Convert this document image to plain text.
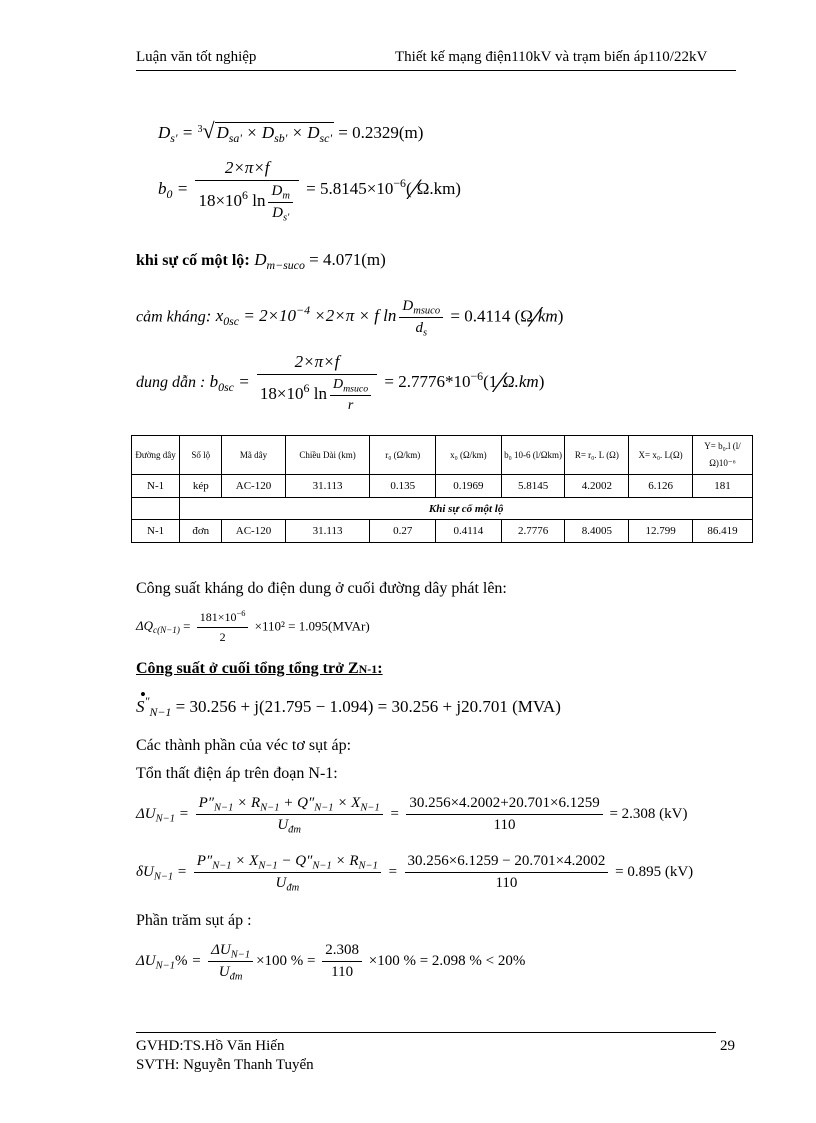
Luận văn tốt nghiệp	Thiết kế mạng điện110kV và trạm biến áp110/22kV
$D_{s'} = ^3√$ $D_{sa'} \times D_{sb'} \times D_{sc'} = 0.2329(m)$
$b_0 = \frac{2\times\pi\times f}{18\times 10^6 \ln \frac{D_m}{D_{s'}}}$ = $5.8145\times 10^{-6}(⁄\Omega.km)$
khi sự cố một lộ: $D_{m-suco} = 4.071(m)$
cảm kháng: $x_{0sc} = 2\times 10^{-4} \times 2\times\pi \times f$ $\ln \frac{D_{msuco}}{d_s} = 0.4114$ (Ω⁄km)
dung dẫn : $b_{0sc} = \frac{2\times\pi\times f}{18\times 10^6 \ln \frac{D_{msuco}}{r}}$ = $2.7776*10^{-6}(1⁄\Omega.km)$
Đường dây	Số lộ	Mã dây	Chiều Dài (km)	r₀ (Ω/km)	x₀ (Ω/km)	b₀ 10-6 (l/Ωkm)	R= r₀. L (Ω)	X= x₀. L(Ω)	Y= b₀.l (l/Ω)10⁻⁶
N-1	kép	AC-120	31.113	0.135	0.1969	5.8145	4.2002	6.126	181
	Khi sự cố một lộ								
N-1	đơn	AC-120	31.113	0.27	0.4114	2.7776	8.4005	12.799	86.419
Công suất kháng do điện dung ở cuối đường dây phát lên:
$\Delta Q_{c(N-1)} = \frac{181\times 10^{-6}}{2} \times 110^2$ = 1.095(MVAr)
Công suất ở cuối tổng tổng trở ZN-1:
S
•
″$_{N-1}$ = 30.256 + j(21.795 − 1.094) = 30.256 + j20.701 (MVA)
Các thành phần của véc tơ sụt áp:
Tổn thất điện áp trên đoạn N-1:
$\Delta U_{N-1} = \frac{P''_{N-1} \times R_{N-1} + Q''_{N-1} \times X_{N-1}}{U_{đm}} = \frac{30.256\times 4.2002+20.701\times 6.1259}{110} = 2.308$ (kV)
$\delta U_{N-1} = \frac{P''_{N-1} \times X_{N-1} - Q''_{N-1} \times R_{N-1}}{U_{đm}} = \frac{30.256\times 6.1259 - 20.701\times 4.2002}{110} = 0.895$ (kV)
Phần trăm sụt áp :
$\Delta U_{N-1}\% = \frac{\Delta U_{N-1}}{U_{đm}} \times 100$ % = $\frac{2.308}{110} \times 100$ % = 2.098 % < 20%
GVHD:TS.Hồ Văn Hiến
SVTH: Nguyễn Thanh Tuyển
29
